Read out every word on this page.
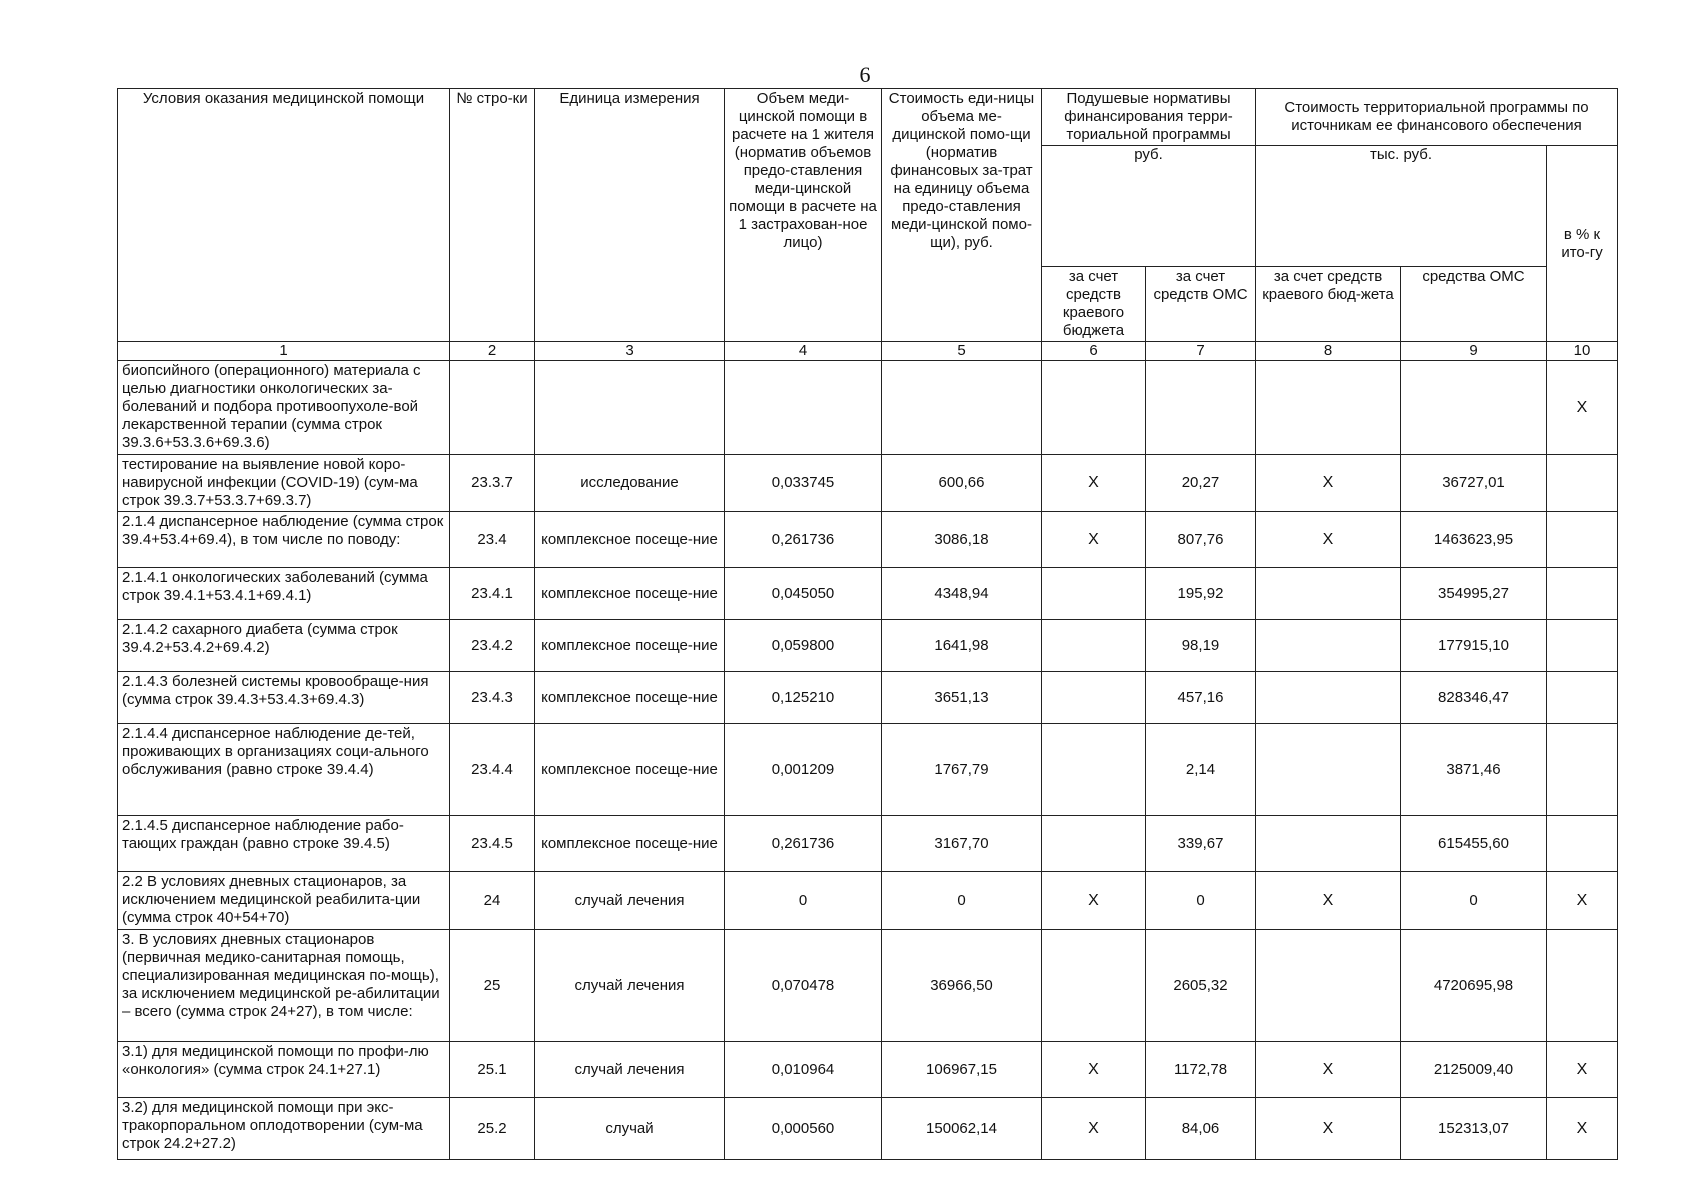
6
Условия оказания медицинской помощи	№ стро-ки	Единица измерения	Объем меди-цинской помощи в расчете на 1 жителя (норматив объемов предо-ставления меди-цинской помощи в расчете на 1 застрахован-ное лицо)	Стоимость еди-ницы объема ме-дицинской помо-щи (норматив финансовых за-трат на единицу объема предо-ставления меди-цинской помо-щи), руб.	Подушевые нормативы финансирования терри-ториальной программы		Стоимость территориальной программы по источникам ее финансового обеспечения		
					руб.		тыс. руб.		в % к ито-гу
					за счет средств краевого бюджета	за счет средств ОМС	за счет средств краевого бюд-жета	средства ОМС	
1	2	3	4	5	6	7	8	9	10
биопсийного (операционного) материала с целью диагностики онкологических за-болеваний и подбора противоопухоле-вой лекарственной терапии (сумма строк 39.3.6+53.3.6+69.3.6)									Х
тестирование на выявление новой коро-навирусной инфекции (COVID-19) (сум-ма строк 39.3.7+53.3.7+69.3.7)	23.3.7	исследование	0,033745	600,66	Х	20,27	Х	36727,01	
2.1.4 диспансерное наблюдение (сумма строк 39.4+53.4+69.4), в том числе по поводу:	23.4	комплексное посеще-ние	0,261736	3086,18	Х	807,76	Х	1463623,95	
2.1.4.1 онкологических заболеваний (сумма строк 39.4.1+53.4.1+69.4.1)	23.4.1	комплексное посеще-ние	0,045050	4348,94		195,92		354995,27	
2.1.4.2 сахарного диабета (сумма строк 39.4.2+53.4.2+69.4.2)	23.4.2	комплексное посеще-ние	0,059800	1641,98		98,19		177915,10	
2.1.4.3 болезней системы кровообраще-ния (сумма строк 39.4.3+53.4.3+69.4.3)	23.4.3	комплексное посеще-ние	0,125210	3651,13		457,16		828346,47	
2.1.4.4 диспансерное наблюдение де-тей, проживающих в организациях соци-ального обслуживания (равно строке 39.4.4)	23.4.4	комплексное посеще-ние	0,001209	1767,79		2,14		3871,46	
2.1.4.5 диспансерное наблюдение рабо-тающих граждан (равно строке 39.4.5)	23.4.5	комплексное посеще-ние	0,261736	3167,70		339,67		615455,60	
2.2 В условиях дневных стационаров, за исключением медицинской реабилита-ции (сумма строк 40+54+70)	24	случай лечения	0	0	Х	0	Х	0	Х
3. В условиях дневных стационаров (первичная медико-санитарная помощь, специализированная медицинская по-мощь), за исключением медицинской ре-абилитации – всего (сумма строк 24+27), в том числе:	25	случай лечения	0,070478	36966,50		2605,32		4720695,98	
3.1) для медицинской помощи по профи-лю «онкология» (сумма строк 24.1+27.1)	25.1	случай лечения	0,010964	106967,15	Х	1172,78	Х	2125009,40	Х
3.2) для медицинской помощи при экс-тракорпоральном оплодотворении (сум-ма строк 24.2+27.2)	25.2	случай	0,000560	150062,14	Х	84,06	Х	152313,07	Х
